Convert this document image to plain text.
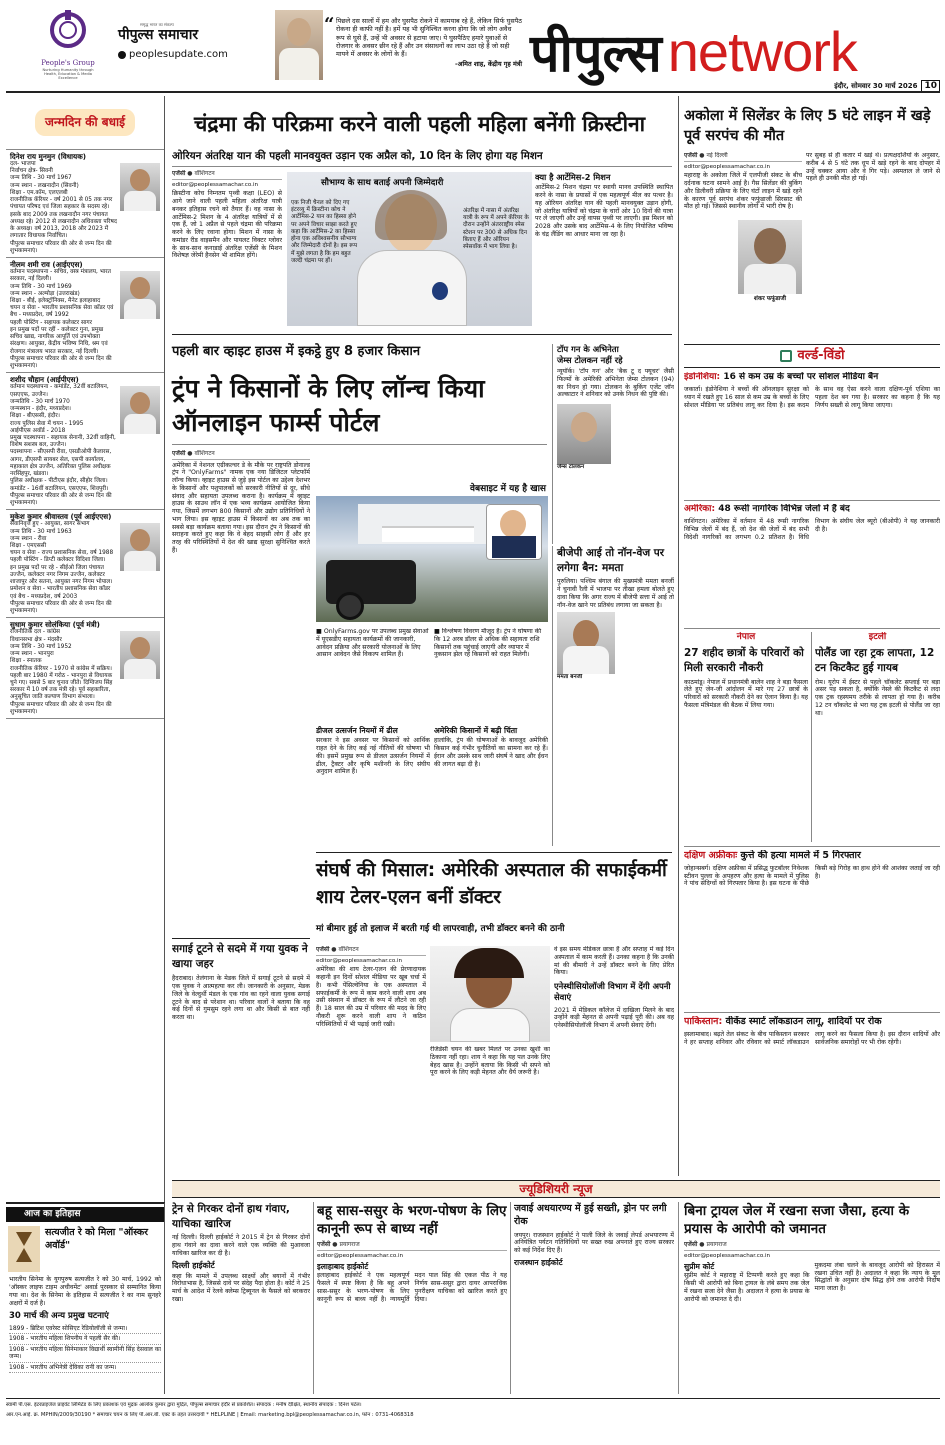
People's Group
Nurturing Humanity through Health, Education & Media Excellence
समृद्ध भारत का संकल्प
पीपुल्स समाचार
peoplesupdate.com
“ पिछले दस सालों में हम और घुसपैठ रोकने में कामयाब रहे हैं, लेकिन सिर्फ घुसपैठ रोकना ही काफी नहीं है। हमें यह भी सुनिश्चित करना होगा कि जो लोग अवैध रूप से घुसे हैं, उन्हें भी अवसर से हटाया जाए। ये घुसपैठिए हमारे युवाओं से रोजगार के अवसर छीन रहे हैं और उन संसाधनों का लाभ उठा रहे हैं जो सही मायने में अवसर के लोगों के हैं।
-अमित शाह, केंद्रीय गृह मंत्री पीपुल्स network
इंदौर, सोमवार 30 मार्च 2026 10
जन्मदिन की बधाई
दिनेश राय मुनमुन (विधायक)
दल- भाजपा
निर्वाचन क्षेत्र- सिवनी
जन्म तिथि - 30 मार्च 1967
जन्म स्थान - लखनादौन (सिवनी)
शिक्षा - एम.कॉम, एलएलबी
राजनीतिक कॅरियर - वर्ष 2001 से 05 तक नगर पंचायत परिषद एवं जिला सहकार के सदस्य रहे। इसके बाद 2009 तक लखनादौन नगर पंचायत अध्यक्ष रहे। 2012 से लखनादौन अधिवक्ता परिषद के अध्यक्ष। वर्ष 2013, 2018 और 2023 में लगातार विधायक निर्वाचित।
पीपुल्स समाचार परिवार की ओर से जन्म दिन की शुभकामनाएं।
नीलम शमी राव (आईएएस)
वर्तमान पदस्थापना - सचिव, वस्त्र मंत्रालय, भारत सरकार, नई दिल्ली।
जन्म तिथि - 30 मार्च 1969
जन्म स्थान - अल्मोड़ा (उत्तराखंड)
शिक्षा - बीई, इलेक्ट्रॉनिक्स, मैनेट इलाहाबाद
चयन व सेवा - भारतीय प्रशासनिक सेवा कॉडर एवं बैच - मध्यप्रदेश, वर्ष 1992
पहली पोस्टिंग - सहायक कलेक्टर सागर
इन प्रमुख पदों पर रहीं - कलेक्टर गुना, प्रमुख सचिव खाद्य, नागरिक आपूर्ति एवं उपभोक्ता संरक्षण। आयुक्त, केंद्रीय भविष्य निधि, श्रम एवं रोजगार मंत्रालय भारत सरकार, नई दिल्ली।
पीपुल्स समाचार परिवार की ओर से जन्म दिन की शुभकामनाएं।
शशीद चौहान (आईपीएस)
वर्तमान पदस्थापना - कमांडेंट, 32वीं बटालियन, एसएएफ, उज्जैन।
जन्मतिथि - 30 मार्च 1970
जन्मस्थान - इंदौर, मध्यप्रदेश।
शिक्षा - बीएससी, इंदौर।
राज्य पुलिस सेवा में चयन - 1995
आईपीएस अवॉर्ड - 2018
प्रमुख पदस्थापना - सहायक सेनानी, 32वीं वाहिनी, विशेष सशस्त्र बल, उज्जैन।
पदस्थापना - सीएसपी रीवा, एसडीओपी कैलारस, आगर, डीएसपी सायबर सेल, एसपी कार्यालय, महाकाल क्षेत्र उज्जैन, अतिरिक्त पुलिस अधीक्षक नरसिंहपुर, खंडवा।
पुलिस अधीक्षक - पीटीएस इंदौर, सीहोर जिला।
कमांडेंट - 16वीं बटालियन, एसएएफ, शिवपुरी।
पीपुल्स समाचार परिवार की ओर से जन्म दिन की शुभकामनाएं।
मुकेश कुमार श्रीवास्तव (पूर्व आईएएस)
सेवानिवृत्त हुए - आयुक्त, सागर संभाग
जन्म तिथि - 30 मार्च 1963
जन्म स्थान - रीवा
शिक्षा - एमएससी
चयन व सेवा - राज्य प्रशासनिक सेवा, वर्ष 1988
पहली पोस्टिंग - डिप्टी कलेक्टर विदिशा जिला।
इन प्रमुख पदों पर रहे - सीईओ जिला पंचायत उज्जैन, कलेक्टर नगर निगम उज्जैन, कलेक्टर शाजापुर और सतना, आयुक्त नगर निगम भोपाल।
प्रमोशन व सेवा - भारतीय प्रशासनिक सेवा कॉडर एवं बैच - मध्यप्रदेश, वर्ष 2003
पीपुल्स समाचार परिवार की ओर से जन्म दिन की शुभकामनाएं।
सुधाम कुमार सोलंकिया (पूर्व मंत्री)
राजनीतिक दल - कांग्रेस
विधानसभा क्षेत्र - मंदसौर
जन्म तिथि - 30 मार्च 1952
जन्म स्थान - भानपुरा
शिक्षा - स्नातक
राजनीतिक कॅरियर - 1970 से कांग्रेस में सक्रिय। पहली बार 1980 में गरोठ - भानपुरा से विधायक चुने गए। सबसे 5 बार चुनाव जीते। दिग्विजय सिंह सरकार में 10 वर्ष तक मंत्री रहे। पूर्व सहकारिता, अनुसूचित जाति कल्याण विभाग संभाला।
पीपुल्स समाचार परिवार की ओर से जन्म दिन की शुभकामनाएं।
आज का इतिहास
सत्यजीत रे को मिला "ऑस्कर अवॉर्ड"
भारतीय सिनेमा के युगपुरुष सत्यजीत रे को 30 मार्च, 1992 को 'ऑस्कर लाइफ टाइम अचीवमेंट' अवार्ड पुरस्कार से सम्मानित किया गया था। देश के सिनेमा के इतिहास में सत्यजीत रे का नाम सुनहरे अक्षरों में दर्ज है।
30 मार्च की अन्य प्रमुख घटनाएं
1899 - ब्रिटिश एवरेस्ट सोसिएट रेडियोलॉजी से जन्मा।
1908 - भारतीय महिला शिपनीय ने पहली सैर की।
1908 - भारतीय महिला सिनेमाकार विद्यार्थी स्वामीनी सिंह देसवाल का जन्म।
1908 - भारतीय अभिनेत्री देविका रानी का जन्म।
चंद्रमा की परिक्रमा करने वाली पहली महिला बनेंगी क्रिस्टीना
ओरियन अंतरिक्ष यान की पहली मानवयुक्त उड़ान एक अप्रैल को, 10 दिन के लिए होगा यह मिशन
एजेंसी ● वॉशिंगटन
editor@peoplessamachar.co.in
क्रिस्टीना कोच निम्नतम पृथ्वी कक्षा (LEO) से आगे जाने वाली पहली महिला अंतरिक्ष यात्री बनकर इतिहास रचने को तैयार हैं। वह नासा के आर्टेमिस-2 मिशन के 4 अंतरिक्ष यात्रियों में से एक हैं, जो 1 अप्रैल से पहले चंद्रमा की परिक्रमा करने के लिए रवाना होगा। मिशन में नासा के कमांडर रीड वाइसमैन और पायलट विक्टर ग्लोवर के साथ-साथ कनाडाई अंतरिक्ष एजेंसी के मिशन विशेषज्ञ जेरेमी हैनसेन भी शामिल होंगे।
सौभाग्य के साथ बताई अपनी जिम्मेदारी
एक निजी चैनल को दिए गए इंटरव्यू में क्रिस्टीना कोच ने आर्टेमिस-2 यान का हिस्सा होने पर अपने विचार साझा करते हुए कहा कि आर्टेमिस-2 का हिस्सा होना एक अविश्वसनीय सौभाग्य और जिम्मेदारी दोनों है। इस रूप में मुझे लगता है कि हम बहुत जल्दी चंद्रमा पर हों।
अंतरिक्ष में नासा में अंतरिक्ष यात्री के रूप में अपने कॅरियर के दौरान उन्होंने अंतरराष्ट्रीय स्पेस स्टेशन पर 300 से अधिक दिन बिताए हैं और ऑरियन स्पेसवॉक में भाग लिया है।
क्या है आर्टेमिस-2 मिशन
आर्टेमिस-2 मिशन चंद्रमा पर स्थायी मानव उपस्थिति स्थापित करने के नासा के प्रयासों में एक महत्वपूर्ण मील का पत्थर है। यह ओरियन अंतरिक्ष यान की पहली मानवयुक्त उड़ान होगी, जो अंतरिक्ष यात्रियों को चंद्रमा के चारों ओर 10 दिनों की यात्रा पर ले जाएगी और उन्हें वापस पृथ्वी पर लाएगी। इस मिशन को 2028 और उसके बाद आर्टेमिस-4 के लिए नियोजित भविष्य के चंद्र लैंडिंग का आधार माना जा रहा है।
पहली बार व्हाइट हाउस में इकट्ठे हुए 8 हजार किसान
ट्रंप ने किसानों के लिए लॉन्च किया ऑनलाइन फार्म्स पोर्टल
एजेंसी ● वॉशिंगटन
अमेरिका में नेशनल एग्रीकल्चर डे के मौके पर राष्ट्रपति डोनाल्ड ट्रंप ने "OnlyFarms" नामक एक नया डिजिटल प्लेटफॉर्म लॉन्च किया। व्हाइट हाउस से जुड़े इस पोर्टल का उद्देश्य देशभर के किसानों और पशुपालकों को सरकारी नीतियों से दूर, सीधे संवाद और सहायता उपलब्ध कराना है। कार्यक्रम में व्हाइट हाउस के साउथ लॉन में एक भव्य कार्यक्रम आयोजित किया गया, जिसमें लगभग 800 किसानों और उद्योग प्रतिनिधियों ने भाग लिया। इस व्हाइट हाउस में किसानों का अब तक का सबसे बड़ा कार्यक्रम बताया गया। इस दौरान ट्रंप ने किसानों की सराहना करते हुए कहा कि वे बेहद साहसी लोग हैं और हर तरह की परिस्थितियों में देश की खाद्य सुरक्षा सुनिश्चित करते हैं।
वेबसाइट में यह है खास
■ OnlyFarms.gov पर उपलब्ध प्रमुख सेवाओं में यूएसडीए सहायता कार्यक्रमों की जानकारी, आवेदन प्रक्रिया और सरकारी योजनाओं के लिए आसान आवेदन जैसे विकल्प शामिल हैं।
■ विश्लेषण विवरण मौजूद है। ट्रंप ने घोषणा की कि 12 अरब डॉलर से अधिक की सहायता राशि किसानों तक पहुंचाई जाएगी और व्यापार में नुकसान झेल रहे किसानों को राहत मिलेगी।
डीजल उत्सर्जन नियमों में ढील
सरकार ने इस अवसर पर किसानों को आर्थिक राहत देने के लिए कई नई नीतियों की घोषणा भी की। इसमें प्रमुख रूप से डीजल उत्सर्जन नियमों में ढील, ट्रैक्टर और कृषि मशीनरी के लिए संघीय अनुदान शामिल हैं।
अमेरिकी किसानों में बढ़ी चिंता
हालांकि, ट्रंप की घोषणाओं के बावजूद अमेरिकी किसान कई गंभीर चुनौतियों का सामना कर रहे हैं। ईरान और उसके साथ जारी संघर्ष ने खाद और ईंधन की लागत बढ़ा दी है।
सगाई टूटने से सदमे में गया युवक ने खाया जहर
हैदराबाद। तेलंगाना के मेडक जिले में सगाई टूटने से सदमे में एक युवक ने आत्महत्या कर ली। जानकारी के अनुसार, मेडक जिले के वेल्दुर्थी मंडल के एक गांव का रहने वाला युवक सगाई टूटने के बाद से परेशान था। परिवार वालों ने बताया कि वह कई दिनों से गुमसुम रहने लगा था और किसी से बात नहीं करता था।
संघर्ष की मिसाल: अमेरिकी अस्पताल की सफाईकर्मी शाय टेलर-एलन बनीं डॉक्टर
मां बीमार हुई तो इलाज में बरती गई थी लापरवाही, तभी डॉक्टर बनने की ठानी
एजेंसी ● वॉशिंगटन
editor@peoplessamachar.co.in
अमेरिका की शाय टेलर-एलन की प्रेरणादायक कहानी इन दिनों सोशल मीडिया पर खूब चर्चा में है। कभी पेंसिल्वेनिया के एक अस्पताल में सफाईकर्मी के रूप में काम करने वाली शाय अब उसी संस्थान में डॉक्टर के रूप में लौटने जा रही हैं। 18 साल की उम्र में परिवार की मदद के लिए नौकरी शुरू करने वाली शाय ने कठिन परिस्थितियों में भी पढ़ाई जारी रखी।
रेजिडेंसी चयन की खबर मिलते पर उनका खुशी का ठिकाना नहीं रहा। शाय ने कहा कि यह पल उनके लिए बेहद खास है। उन्होंने बताया कि किसी भी सपने को पूरा करने के लिए कड़ी मेहनत और धैर्य जरूरी है।
वे इस समय मेडिकल छात्रा हैं और सप्ताह में कई दिन अस्पताल में काम करती हैं। उनका कहना है कि उनकी मां की बीमारी ने उन्हें डॉक्टर बनने के लिए प्रेरित किया।
एनेस्थीसियोलॉजी विभाग में देंगी अपनी सेवाएं
2021 में मेडिकल कॉलेज में दाखिला मिलने के बाद उन्होंने कड़ी मेहनत से अपनी पढ़ाई पूरी की। अब वह एनेस्थीसियोलॉजी विभाग में अपनी सेवाएं देंगी।
अकोला में सिलेंडर के लिए 5 घंटे लाइन में खड़े पूर्व सरपंच की मौत
एजेंसी ● नई दिल्ली
editor@peoplessamachar.co.in
महाराष्ट्र के अकोला जिले में एलपीजी संकट के बीच दर्दनाक घटना सामने आई है। गैस सिलेंडर की बुकिंग और डिलीवरी प्रक्रिया के लिए घंटों लाइन में खड़े रहने के कारण पूर्व सरपंच शंकर फफूंडाजी सिरसाट की मौत हो गई। जिससे स्थानीय लोगों में भारी रोष है।
शंकर फफूंडाजी
पर सुबह से ही कतार में खड़े थे। प्रत्यक्षदर्शियों के अनुसार, करीब 4 से 5 घंटे तक धूप में खड़े रहने के बाद दोपहर में उन्हें चक्कर आया और वे गिर पड़े। अस्पताल ले जाने से पहले ही उनकी मौत हो गई।
वर्ल्ड-विंडो
टॉप गन के अभिनेता
जेम्स टोलकन नहीं रहे
न्यूयॉर्क। 'टॉप गन' और 'बैक टू द फ्यूचर' जैसी फिल्मों के अमेरिकी अभिनेता जेम्स टोलकन (94) का निधन हो गया। टोलकन के बुकिंग एजेंट जॉन अल्काटार ने शनिवार को उनके निधन की पुष्टि की।
जेम्स टोलकन
बीजेपी आई तो नॉन-वेज पर लगेगा बैन: ममता
पुरुलिया। पश्चिम बंगाल की मुख्यमंत्री ममता बनर्जी ने चुनावी रैली में भाजपा पर तीखा हमला बोलते हुए दावा किया कि अगर राज्य में बीजेपी सत्ता में आई तो नॉन-वेज खाने पर प्रतिबंध लगाया जा सकता है।
ममता बनर्जी
इंडोनेशिया: 16 से कम उम्र के बच्चों पर सोशल मीडिया बैन
जकार्ता। इंडोनेशिया ने बच्चों की ऑनलाइन सुरक्षा को ध्यान में रखते हुए 16 साल से कम उम्र के बच्चों के लिए सोशल मीडिया पर प्रतिबंध लागू कर दिया है। इस कदम के साथ वह ऐसा करने वाला दक्षिण-पूर्व एशिया का पहला देश बन गया है। सरकार का कहना है कि यह निर्णय सख्ती से लागू किया जाएगा।
अमेरिका: 48 रूसी नागरिक विभिन्न जेलों में हैं बंद
वाशिंगटन। अमेरिका में वर्तमान में 48 रूसी नागरिक विभिन्न जेलों में बंद हैं, जो देश की जेलों में बंद सभी विदेशी नागरिकों का लगभग 0.2 प्रतिशत है। विधि विभाग के संघीय जेल ब्यूरो (बीओपी) ने यह जानकारी दी है।
नेपाल
27 शहीद छात्रों के परिवारों को मिली सरकारी नौकरी
काठमांडू। नेपाल में प्रधानमंत्री बालेन शाह ने बड़ा फैसला लेते हुए जेन-जी आंदोलन में मारे गए 27 छात्रों के परिवारों को सरकारी नौकरी देने का ऐलान किया है। यह फैसला मंत्रिमंडल की बैठक में लिया गया।
इटली
पोलैंड जा रहा ट्रक लापता, 12 टन किटकैट हुई गायब
रोम। यूरोप में ईस्टर से पहले चॉकलेट सप्लाई पर बड़ा असर पड़ सकता है, क्योंकि नेस्ले की किटकैट से लदा एक ट्रक रहस्यमय तरीके से लापता हो गया है। करीब 12 टन चॉकलेट से भरा यह ट्रक इटली से पोलैंड जा रहा था।
दक्षिण अफ्रीकाः कुत्ते की हत्या मामले में 5 गिरफ्तार
जोहान्सबर्ग। दक्षिण अफ्रीका में प्रसिद्ध फुटबॉलर निवेशक स्टीवन पुल्ला के अपहरण और हत्या के मामले में पुलिस ने पांच संदिग्धों को गिरफ्तार किया है। इस घटना के पीछे किसी बड़े गिरोह का हाथ होने की आशंका जताई जा रही है।
पाकिस्तान: वीकेंड स्मार्ट लॉकडाउन लागू, शादियों पर रोक
इस्लामाबाद। बढ़ते तेल संकट के बीच पाकिस्तान सरकार ने हर सप्ताह शनिवार और रविवार को स्मार्ट लॉकडाउन लागू करने का फैसला किया है। इस दौरान शादियों और सार्वजनिक समारोहों पर भी रोक रहेगी।
ज्यूडिशियरी न्यूज
ट्रेन से गिरकर दोनों हाथ गंवाए, याचिका खारिज
नई दिल्ली। दिल्ली हाईकोर्ट ने 2015 में ट्रेन से गिरकर दोनों हाथ गंवाने का दावा करने वाले एक व्यक्ति की मुआवजा याचिका खारिज कर दी है।
दिल्ली हाईकोर्ट
कहा कि मामले में उपलब्ध साक्ष्यों और बयानों में गंभीर विरोधाभास है, जिससे दावे पर संदेह पैदा होता है। कोर्ट ने 25 मार्च के आदेश में रेलवे क्लेम्स ट्रिब्यूनल के फैसले को बरकरार रखा।
बहू सास-ससुर के भरण-पोषण के लिए कानूनी रूप से बाध्य नहीं
एजेंसी ● प्रयागराज
editor@peoplessamachar.co.in
इलाहाबाद हाईकोर्ट
इलाहाबाद हाईकोर्ट ने एक महत्वपूर्ण फैसले में स्पष्ट किया है कि बहू अपने सास-ससुर के भरण-पोषण के लिए कानूनी रूप से बाध्य नहीं है। न्यायमूर्ति मदन पाल सिंह की एकल पीठ ने यह निर्णय सास-ससुर द्वारा दायर आपराधिक पुनरीक्षण याचिका को खारिज करते हुए दिया।
जवाई अधयारण्य में हुई सख्ती, ड्रोन पर लगी रोक
जयपुर। राजस्थान हाईकोर्ट ने पाली जिले के जवाई लेपर्ड अभयारण्य में अनियंत्रित पर्यटन गतिविधियों पर सख्त रुख अपनाते हुए राज्य सरकार को कई निर्देश दिए हैं।
राजस्थान हाईकोर्ट
बिना ट्रायल जेल में रखना सजा जैसा, हत्या के प्रयास के आरोपी को जमानत
एजेंसी ● प्रयागराज
editor@peoplessamachar.co.in
सुप्रीम कोर्ट
सुप्रीम कोर्ट ने महाराष्ट्र में टिप्पणी करते हुए कहा कि किसी भी आरोपी को बिना ट्रायल के लंबे समय तक जेल में रखना सजा देने जैसा है। अदालत ने हत्या के प्रयास के आरोपी को जमानत दे दी।
मुकदमा लंबा चलने के बावजूद आरोपी को हिरासत में रखना उचित नहीं है। अदालत ने कहा कि न्याय के मूल सिद्धांतों के अनुसार दोष सिद्ध होने तक आरोपी निर्दोष माना जाता है।
स्वामी पी.एस. इंटरप्राइजेज प्राइवेट लिमिटेड के लिए प्रकाशक एवं मुद्रक आलोक कुमार द्वारा मुद्रित, पीपुल्स समाचार इंदौर से प्रकाशित। संपादक : मनीष दीक्षित, स्थानीय संपादक : दिनेश पटेल।
आर.एन.आई. क्र. MPHIN/2009/30190 * समाचार चयन के लिए पी.आर.बी. एक्ट के तहत उत्तरदायी * HELPLINE | Email: marketing.bpl@peoplessamachar.co.in, फोन : 0731-4068318
